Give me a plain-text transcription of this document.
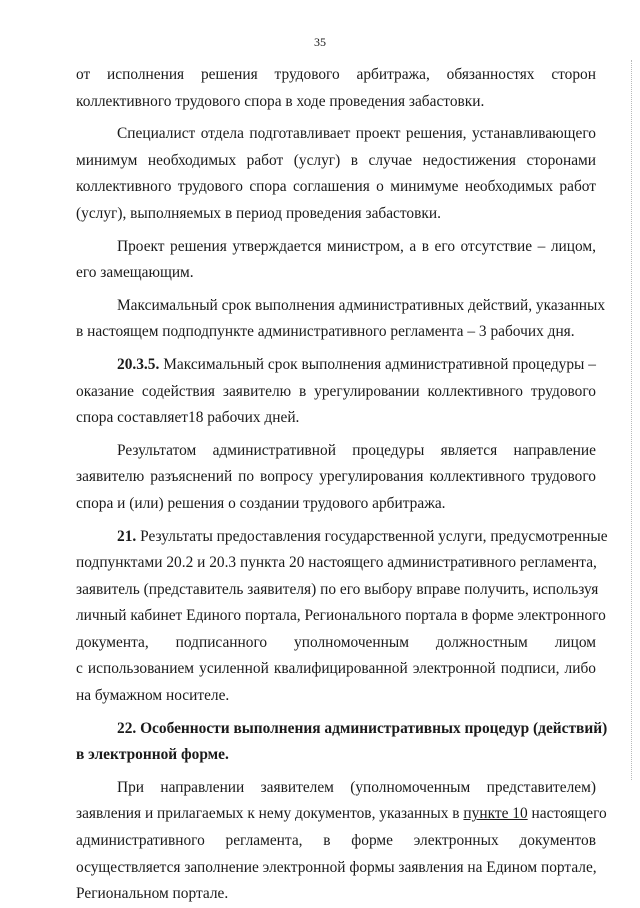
35

от исполнения решения трудового арбитража, обязанностях сторон

коллективного трудового спора в ходе проведения забастовки.

Специалист отдела подготавливает проект решения, устанавливающего

минимум необходимых работ (услуг) в случае недостижения сторонами

коллективного трудового спора соглашения о минимуме необходимых работ

(услуг), выполняемых в период проведения забастовки.

Проект решения утверждается министром, а в его отсутствие – лицом,

его замещающим.

Максимальный срок выполнения административных действий, указанных

в настоящем подподпункте административного регламента – 3 рабочих дня.

20.3.5. Максимальный срок выполнения административной процедуры –

оказание содействия заявителю в урегулировании коллективного трудового

спора составляет18 рабочих дней.

Результатом административной процедуры является направление

заявителю разъяснений по вопросу урегулирования коллективного трудового

спора и (или) решения о создании трудового арбитража.

21. Результаты предоставления государственной услуги, предусмотренные

подпунктами 20.2 и 20.3 пункта 20 настоящего административного регламента,

заявитель (представитель заявителя) по его выбору вправе получить, используя

личный кабинет Единого портала, Регионального портала в форме электронного

документа, подписанного уполномоченным должностным лицом

с использованием усиленной квалифицированной электронной подписи, либо

на бумажном носителе.

22. Особенности выполнения административных процедур (действий)

в электронной форме.

При направлении заявителем (уполномоченным представителем)

заявления и прилагаемых к нему документов, указанных в пункте 10 настоящего

административного регламента, в форме электронных документов

осуществляется заполнение электронной формы заявления на Едином портале,

Региональном портале.
